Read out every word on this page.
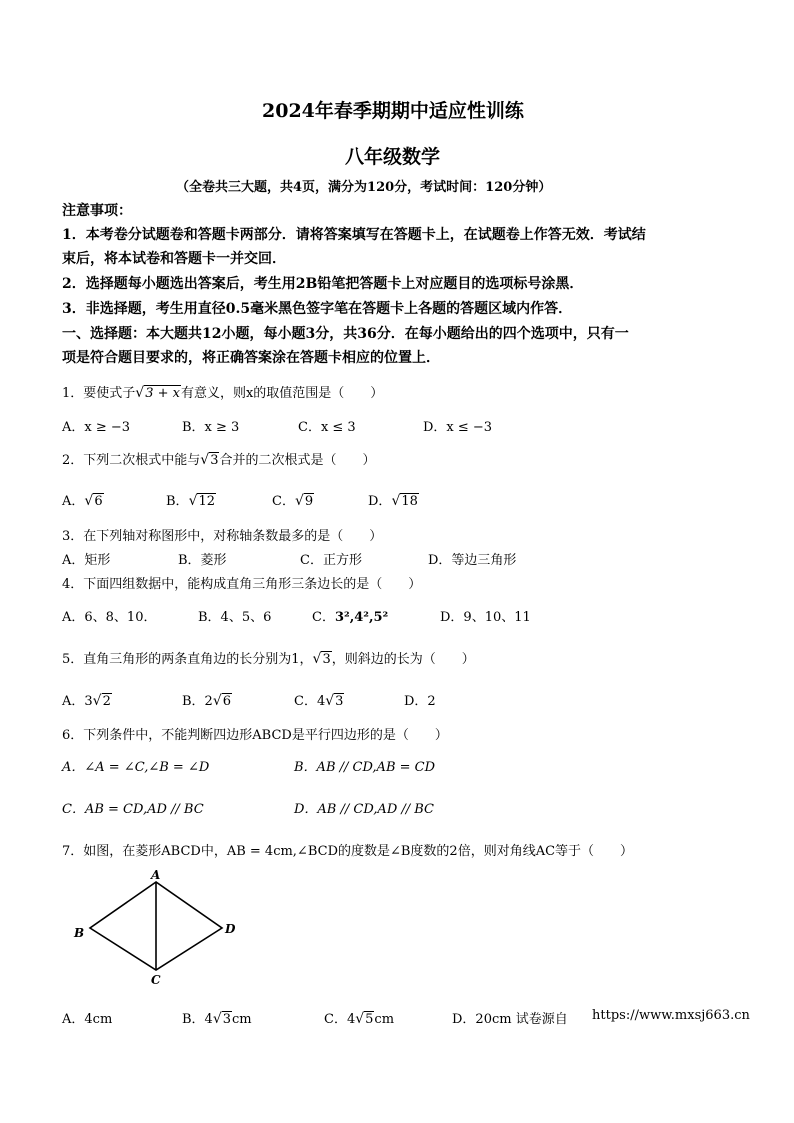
2024年春季期期中适应性训练
八年级数学
（全卷共三大题，共4页，满分为120分，考试时间：120分钟）
注意事项：
1．本考卷分试题卷和答题卡两部分．请将答案填写在答题卡上，在试题卷上作答无效．考试结
束后，将本试卷和答题卡一并交回．
2．选择题每小题选出答案后，考生用2B铅笔把答题卡上对应题目的选项标号涂黑．
3．非选择题，考生用直径0.5毫米黑色签字笔在答题卡上各题的答题区域内作答．
一、选择题：本大题共12小题，每小题3分，共36分．在每小题给出的四个选项中，只有一
项是符合题目要求的，将正确答案涂在答题卡相应的位置上．
1．要使式子√3 + x有意义，则x的取值范围是（　　）
A．x ≥ −3	B．x ≥ 3	C．x ≤ 3	D．x ≤ −3
2．下列二次根式中能与√3合并的二次根式是（　　）
A．√6	B．√12	C．√9	D．√18
3．在下列轴对称图形中，对称轴条数最多的是（　　）
A．矩形	B．菱形	C．正方形	D．等边三角形
4．下面四组数据中，能构成直角三角形三条边长的是（　　）
A．6、8、10．	B．4、5、6	C．3²,4²,5²	D．9、10、11
5．直角三角形的两条直角边的长分别为1，√3，则斜边的长为（　　）
A．3√2	B．2√6	C．4√3	D．2
6．下列条件中，不能判断四边形ABCD是平行四边形的是（　　）
A．∠A = ∠C,∠B = ∠D	B．AB // CD,AB = CD
C．AB = CD,AD // BC	D．AB // CD,AD // BC
7．如图，在菱形ABCD中，AB = 4cm,∠BCD的度数是∠B度数的2倍，则对角线AC等于（　　）
A
B
C
D
A．4cm	B．4√3cm	C．4√5cm	D．20cm 试卷源自 https://www.mxsj663.cn
